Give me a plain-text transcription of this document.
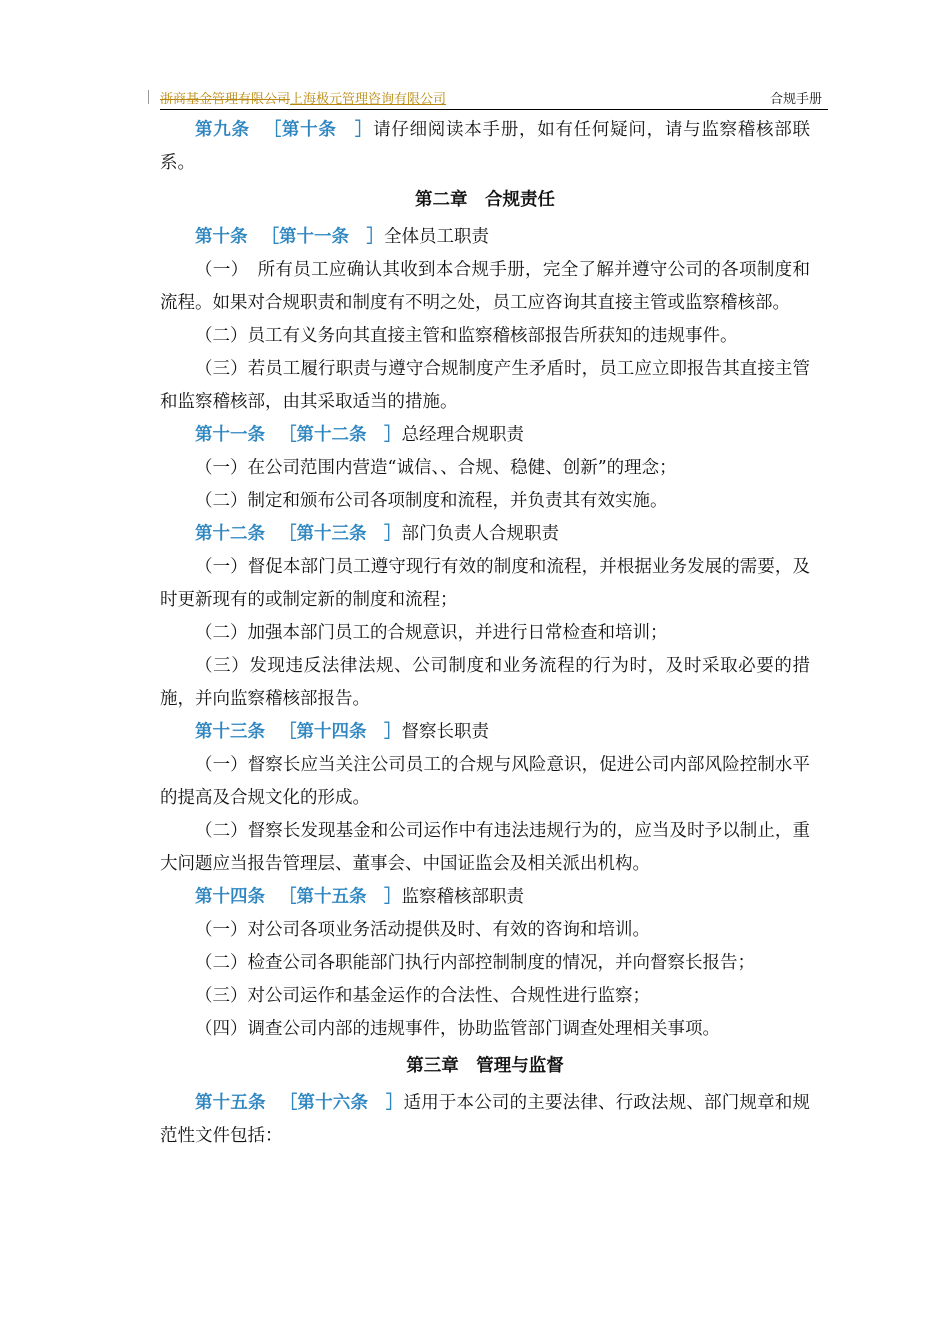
浙商基金管理有限公司上海极元管理咨询有限公司	合规手册

第九条 ［第十条　］请仔细阅读本手册，如有任何疑问，请与监察稽核部联系。

第二章　合规责任

第十条 ［第十一条　］全体员工职责

（一）　所有员工应确认其收到本合规手册，完全了解并遵守公司的各项制度和流程。如果对合规职责和制度有不明之处，员工应咨询其直接主管或监察稽核部。

（二）员工有义务向其直接主管和监察稽核部报告所获知的违规事件。

（三）若员工履行职责与遵守合规制度产生矛盾时，员工应立即报告其直接主管和监察稽核部，由其采取适当的措施。

第十一条 ［第十二条　］总经理合规职责

（一）在公司范围内营造“诚信、、合规、稳健、创新”的理念；

（二）制定和颁布公司各项制度和流程，并负责其有效实施。

第十二条 ［第十三条　］部门负责人合规职责

（一）督促本部门员工遵守现行有效的制度和流程，并根据业务发展的需要，及时更新现有的或制定新的制度和流程；

（二）加强本部门员工的合规意识，并进行日常检查和培训；

（三）发现违反法律法规、公司制度和业务流程的行为时，及时采取必要的措施，并向监察稽核部报告。

第十三条 ［第十四条　］督察长职责

（一）督察长应当关注公司员工的合规与风险意识，促进公司内部风险控制水平的提高及合规文化的形成。

（二）督察长发现基金和公司运作中有违法违规行为的，应当及时予以制止，重大问题应当报告管理层、董事会、中国证监会及相关派出机构。

第十四条 ［第十五条　］监察稽核部职责

（一）对公司各项业务活动提供及时、有效的咨询和培训。

（二）检查公司各职能部门执行内部控制制度的情况，并向督察长报告；

（三）对公司运作和基金运作的合法性、合规性进行监察；

（四）调查公司内部的违规事件，协助监管部门调查处理相关事项。

第三章　管理与监督

第十五条 ［第十六条　］适用于本公司的主要法律、行政法规、部门规章和规范性文件包括：
